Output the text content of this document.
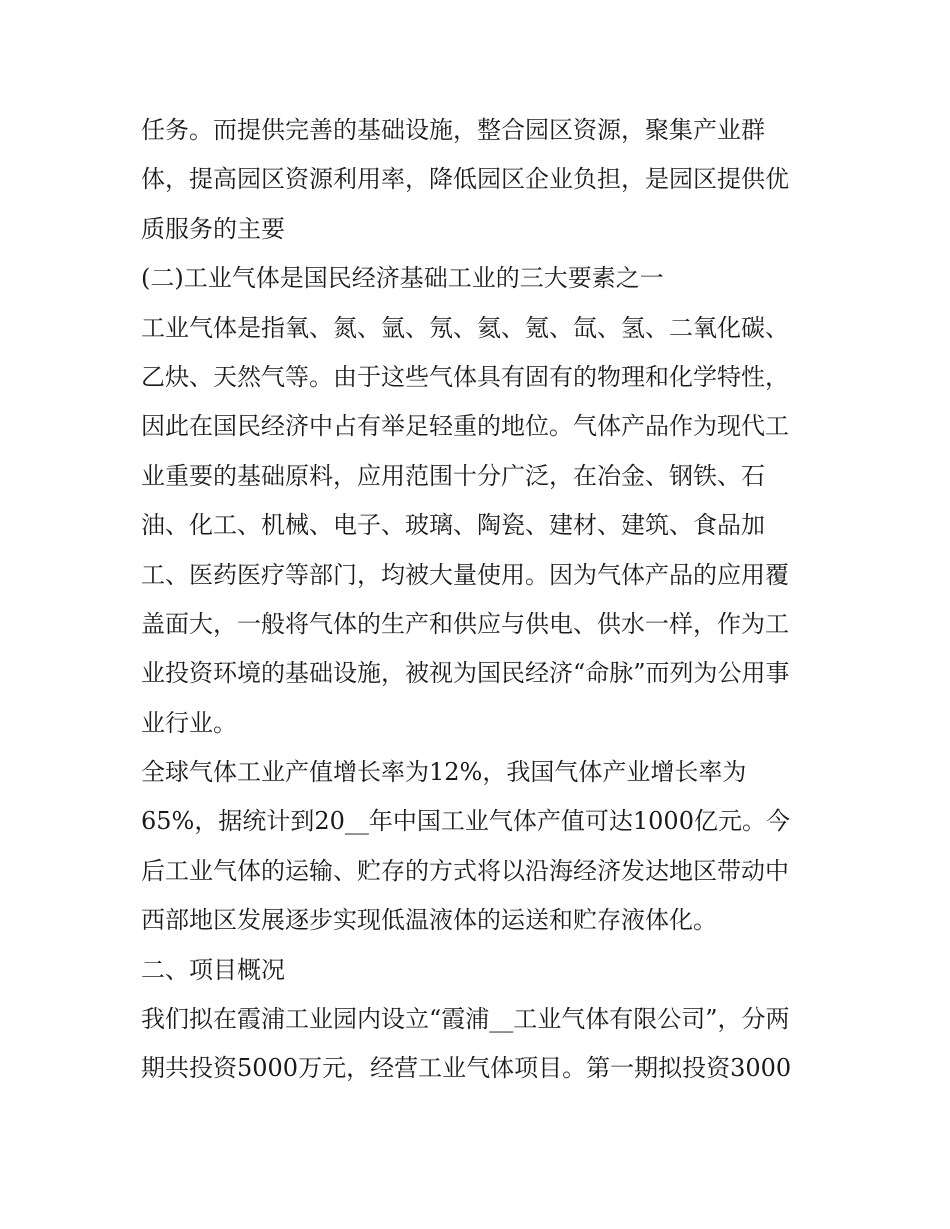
任务。而提供完善的基础设施，整合园区资源，聚集产业群
体，提高园区资源利用率，降低园区企业负担，是园区提供优
质服务的主要
(二)工业气体是国民经济基础工业的三大要素之一
工业气体是指氧、氮、氩、氖、氦、氪、氙、氢、二氧化碳、
乙炔、天然气等。由于这些气体具有固有的物理和化学特性，
因此在国民经济中占有举足轻重的地位。气体产品作为现代工
业重要的基础原料，应用范围十分广泛，在冶金、钢铁、石
油、化工、机械、电子、玻璃、陶瓷、建材、建筑、食品加
工、医药医疗等部门，均被大量使用。因为气体产品的应用覆
盖面大，一般将气体的生产和供应与供电、供水一样，作为工
业投资环境的基础设施，被视为国民经济“命脉”而列为公用事
业行业。
全球气体工业产值增长率为12%，我国气体产业增长率为
65%，据统计到20__年中国工业气体产值可达1000亿元。今
后工业气体的运输、贮存的方式将以沿海经济发达地区带动中
西部地区发展逐步实现低温液体的运送和贮存液体化。
二、项目概况
我们拟在霞浦工业园内设立“霞浦__工业气体有限公司”，分两
期共投资5000万元，经营工业气体项目。第一期拟投资3000
